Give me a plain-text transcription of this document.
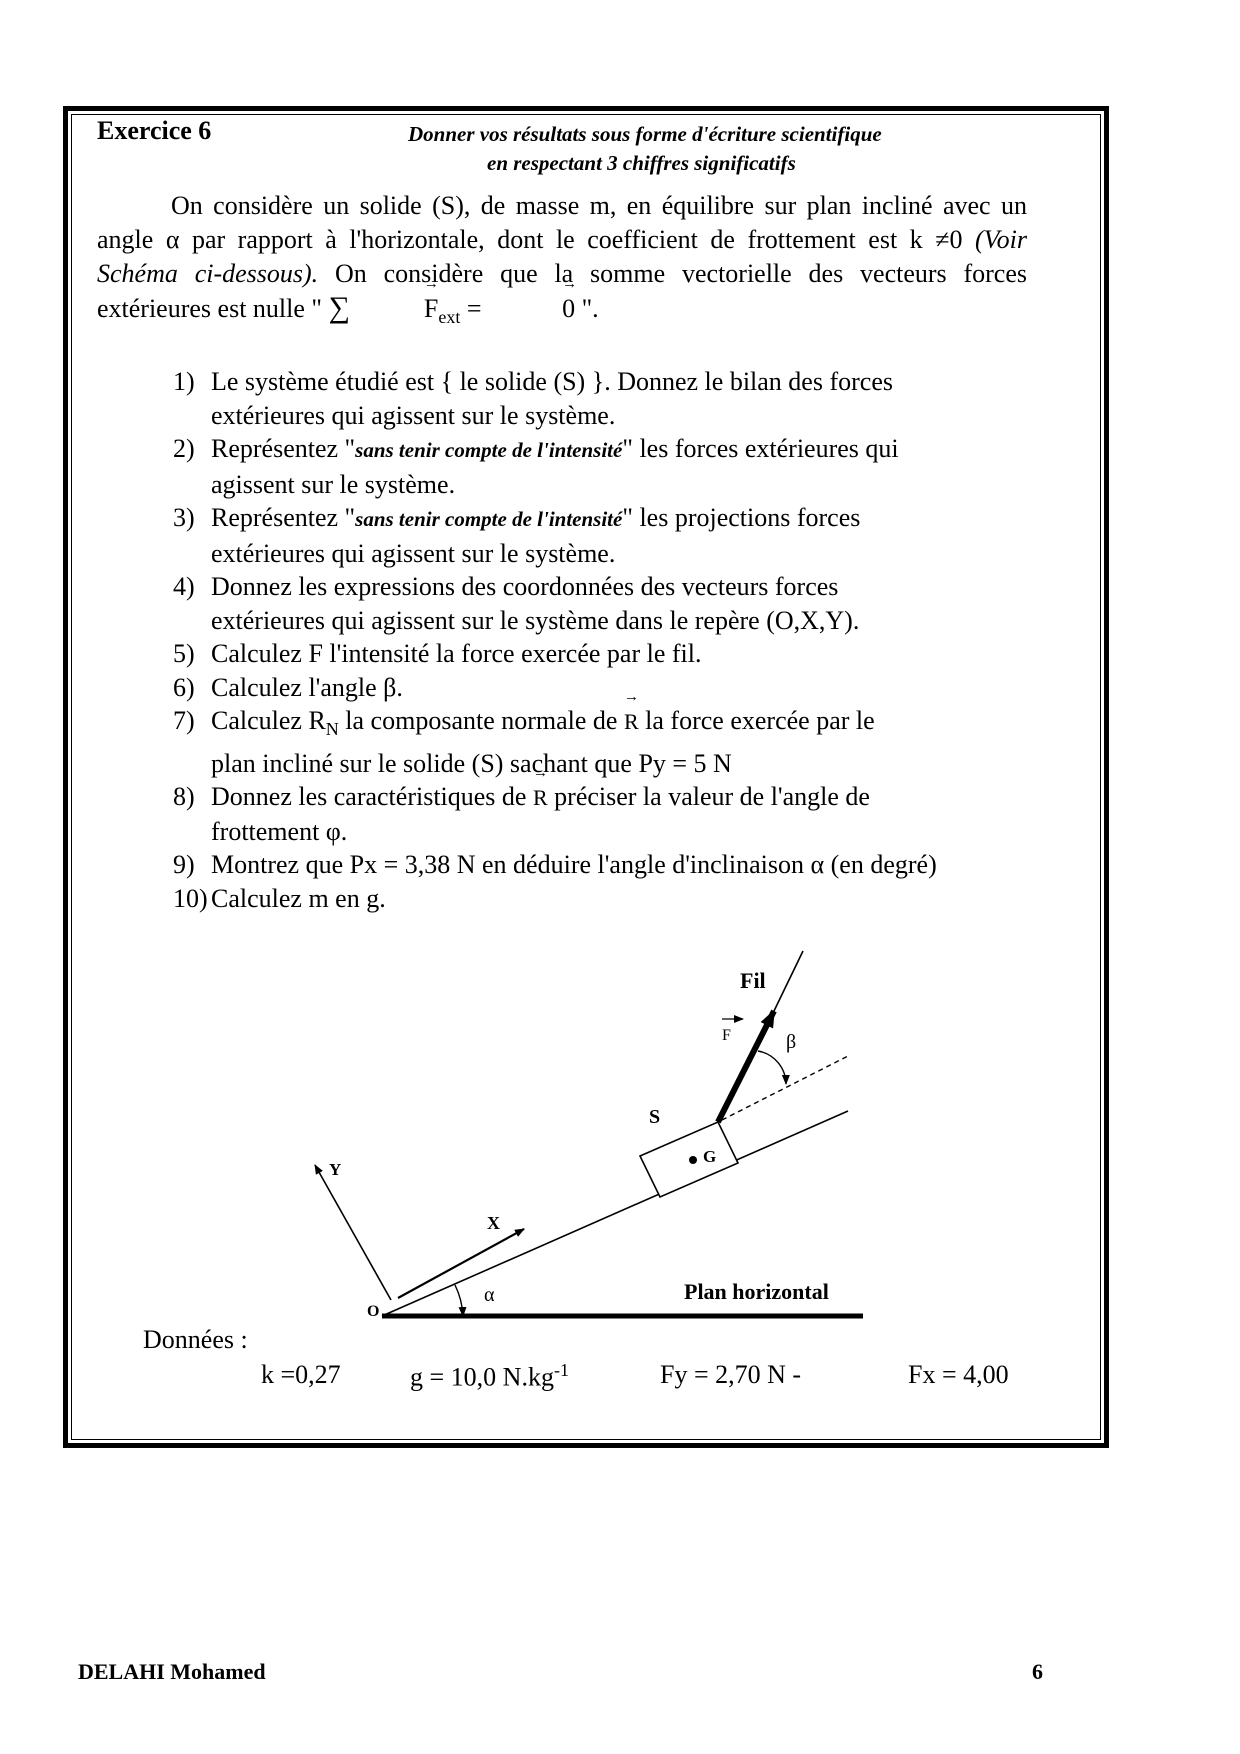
Exercice 6	Donner vos résultats sous forme d'écriture scientifique
en respectant 3 chiffres significatifs

On considère un solide (S), de masse m, en équilibre sur plan incliné avec un angle α par rapport à l'horizontale, dont le coefficient de frottement est k ≠0 (Voir Schéma ci-dessous). On considère que la somme vectorielle des vecteurs forces extérieures est nulle " ∑	→ $F_{ext}$ =	→ 0 ".

1) Le système étudié est { le solide (S) }. Donnez le bilan des forces
extérieures qui agissent sur le système.
2) Représentez "sans tenir compte de l'intensité" les forces extérieures qui
agissent sur le système.
3) Représentez "sans tenir compte de l'intensité" les projections forces
extérieures qui agissent sur le système.
4) Donnez les expressions des coordonnées des vecteurs forces
extérieures qui agissent sur le système dans le repère (O,X,Y).
5) Calculez F l'intensité la force exercée par le fil.
6) Calculez l'angle β.
7) Calculez $R_N$ la composante normale de → R la force exercée par le
plan incliné sur le solide (S) sachant que Py = 5 N
8) Donnez les caractéristiques de → R préciser la valeur de l'angle de
frottement φ.
9) Montrez que Px = 3,38 N en déduire l'angle d'inclinaison α (en degré)
10) Calculez m en g.
Fil
F	β
S
G
Y
X
O
α	Plan horizontal
Données :
k =0,27	g = 10,0 $N.kg^{-1}$	Fy = 2,70 N -	Fx = 4,00
DELAHI Mohamed	6
